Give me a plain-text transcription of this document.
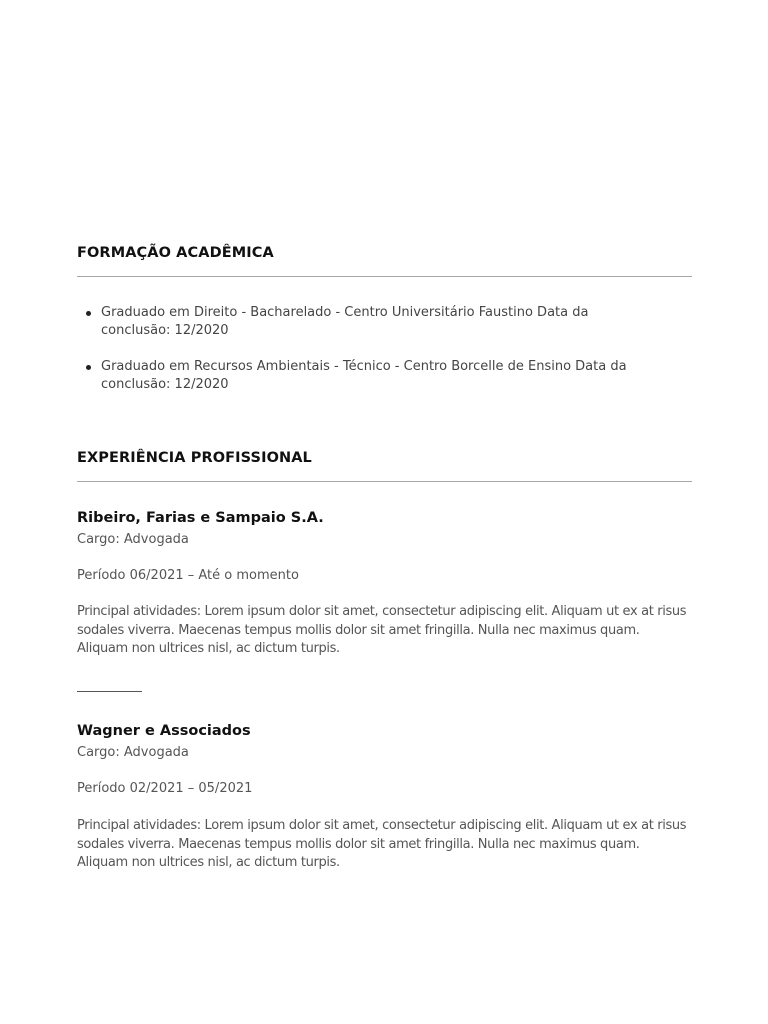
FORMAÇÃO ACADÊMICA
Graduado em Direito - Bacharelado - Centro Universitário Faustino Data da conclusão: 12/2020
Graduado em Recursos Ambientais - Técnico - Centro Borcelle de Ensino Data da conclusão: 12/2020
EXPERIÊNCIA PROFISSIONAL
Ribeiro, Farias e Sampaio S.A.
Cargo: Advogada
Período 06/2021 – Até o momento
Principal atividades: Lorem ipsum dolor sit amet, consectetur adipiscing elit. Aliquam ut ex at risus sodales viverra. Maecenas tempus mollis dolor sit amet fringilla. Nulla nec maximus quam. Aliquam non ultrices nisl, ac dictum turpis.
Wagner e Associados
Cargo: Advogada
Período 02/2021 – 05/2021
Principal atividades: Lorem ipsum dolor sit amet, consectetur adipiscing elit. Aliquam ut ex at risus sodales viverra. Maecenas tempus mollis dolor sit amet fringilla. Nulla nec maximus quam. Aliquam non ultrices nisl, ac dictum turpis.
